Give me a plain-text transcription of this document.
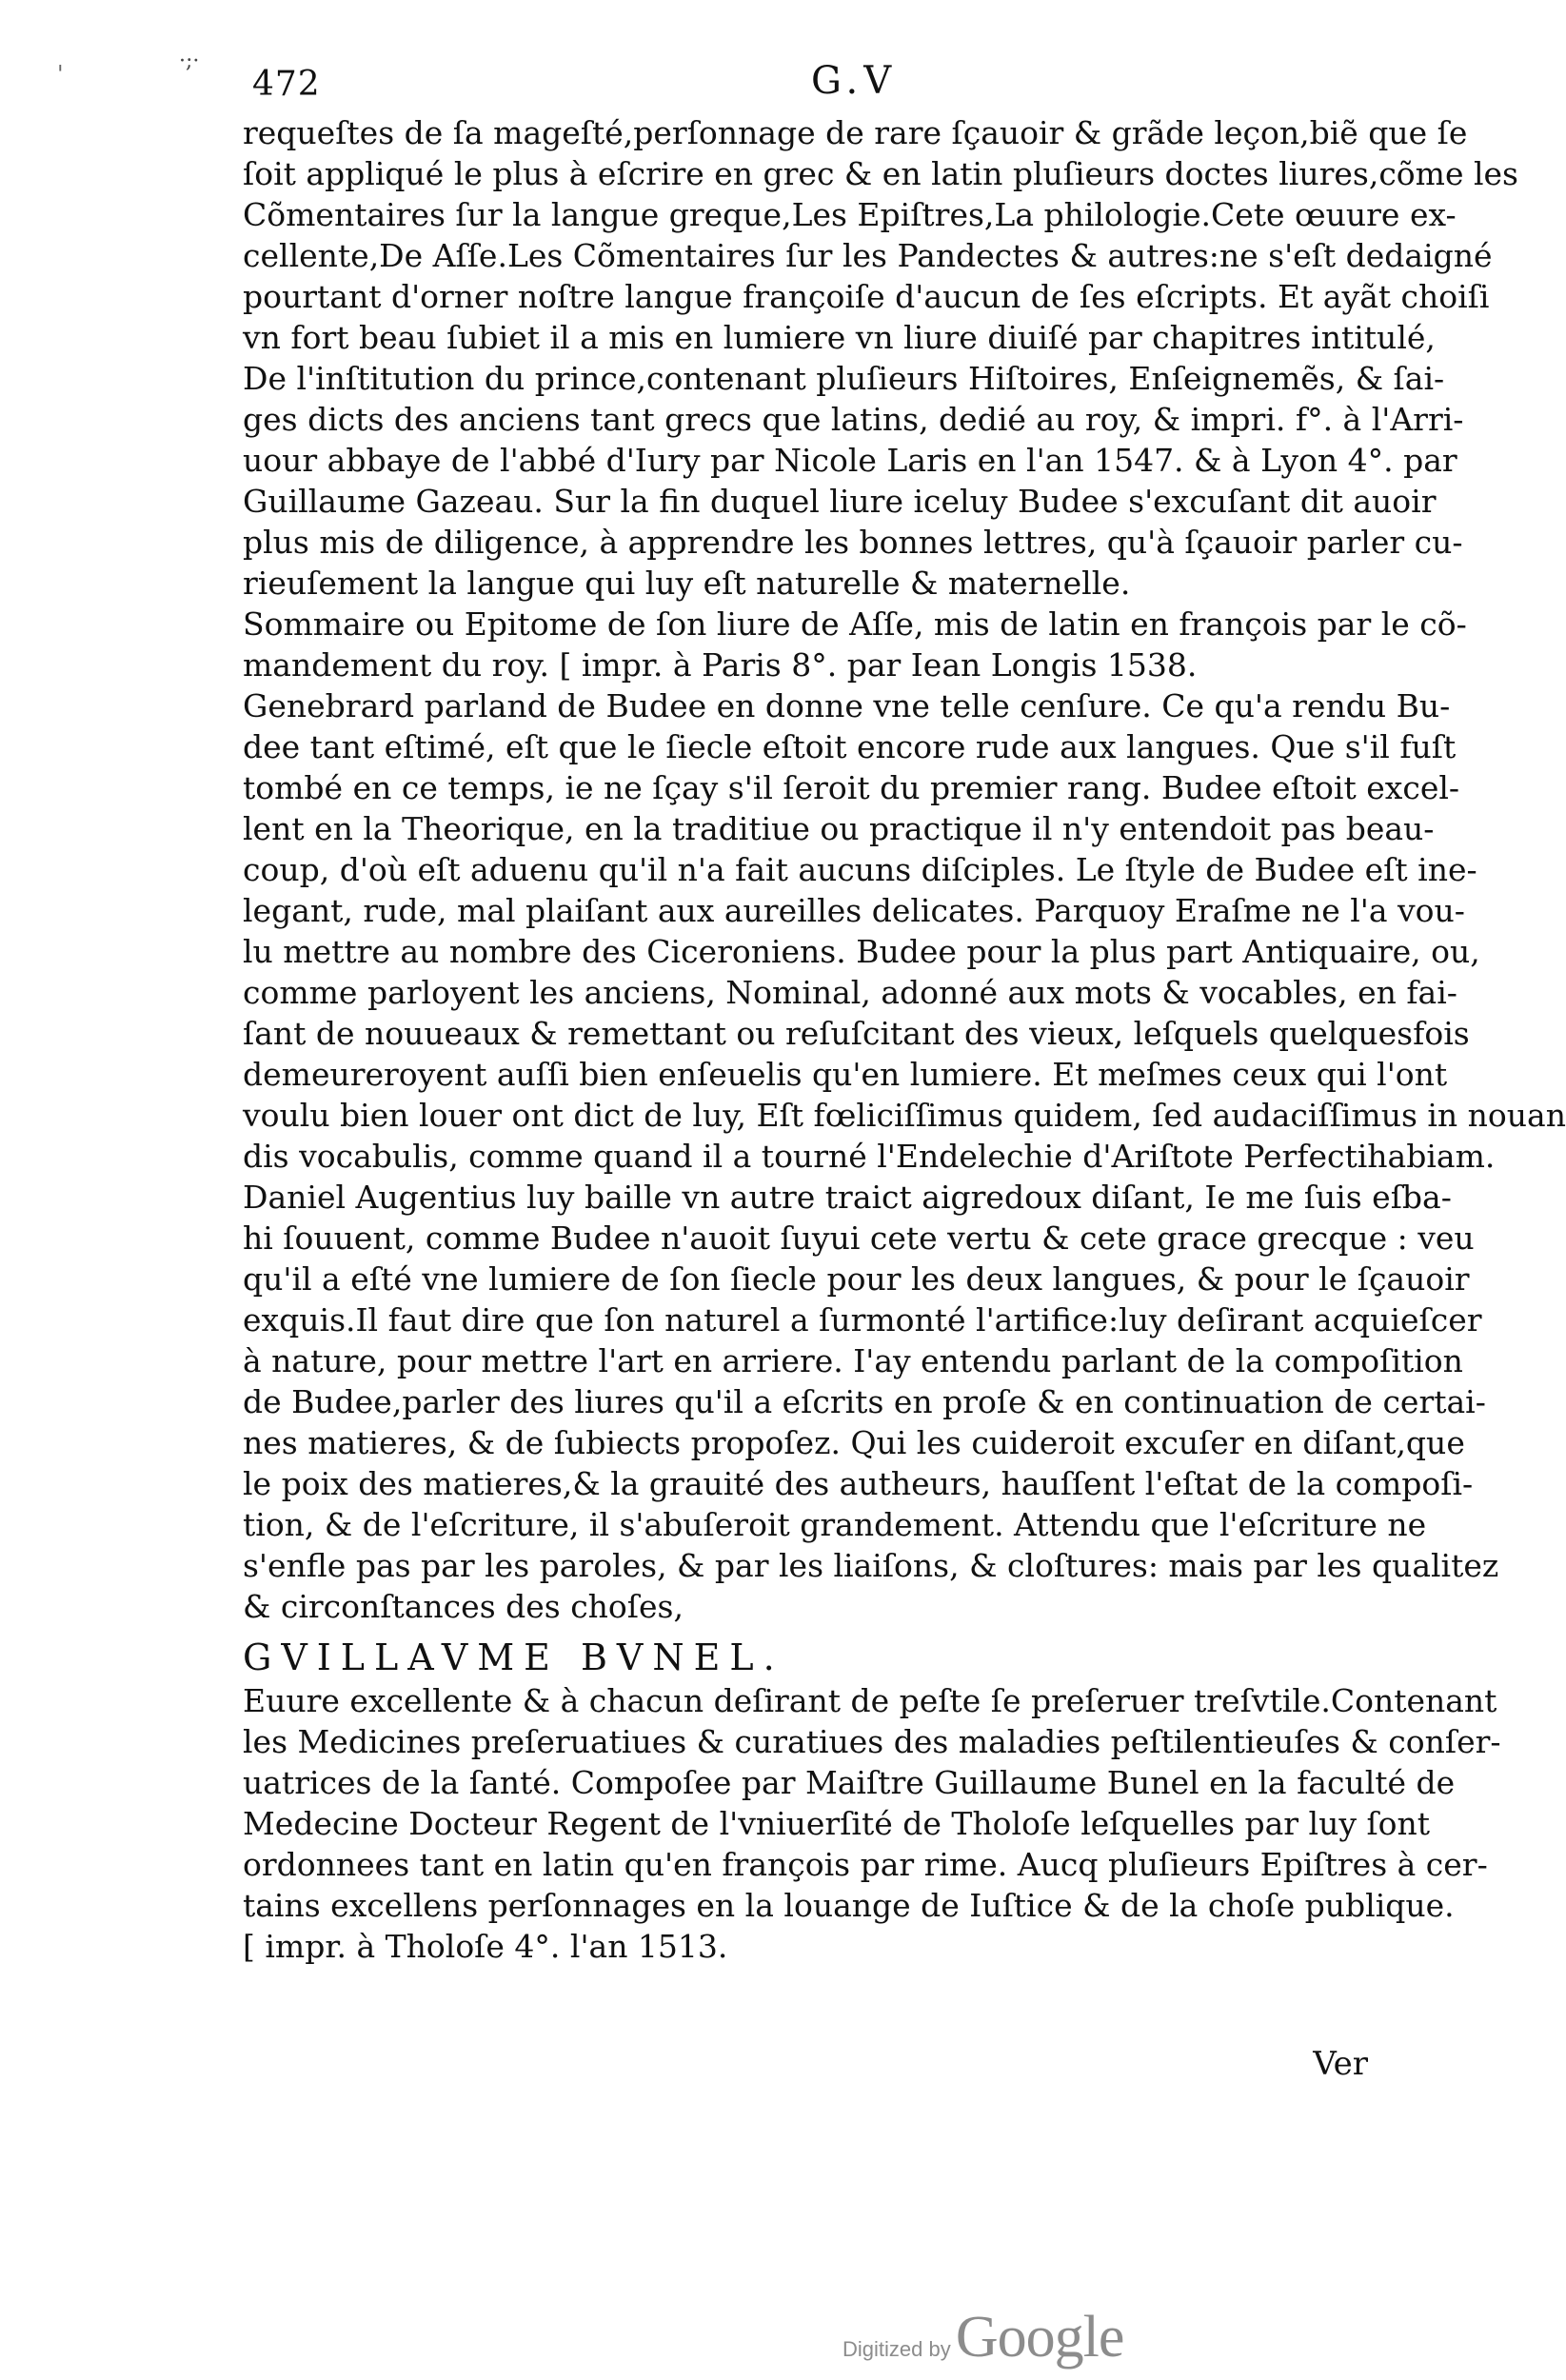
·;·
'	472	G.V
requeſtes de ſa mageſté,perſonnage de rare ſçauoir & grãde leçon,biẽ que ſe
ſoit appliqué le plus à eſcrire en grec & en latin pluſieurs doctes liures,cõme les
Cõmentaires ſur la langue greque,Les Epiſtres,La philologie.Cete œuure ex-
cellente,De Aſſe.Les Cõmentaires ſur les Pandectes & autres:ne s'eſt dedaigné
pourtant d'orner noſtre langue françoiſe d'aucun de ſes eſcripts. Et ayãt choiſi
vn fort beau ſubiet il a mis en lumiere vn liure diuiſé par chapitres intitulé,
De l'inſtitution du prince,contenant pluſieurs Hiſtoires, Enſeignemẽs, & ſai-
ges dicts des anciens tant grecs que latins, dedié au roy, & impri. f°. à l'Arri-
uour abbaye de l'abbé d'Iury par Nicole Laris en l'an 1547. & à Lyon 4°. par
Guillaume Gazeau. Sur la fin duquel liure iceluy Budee s'excuſant dit auoir
plus mis de diligence, à apprendre les bonnes lettres, qu'à ſçauoir parler cu-
rieuſement la langue qui luy eſt naturelle & maternelle.
Sommaire ou Epitome de ſon liure de Aſſe, mis de latin en françois par le cõ-
mandement du roy. [ impr. à Paris 8°. par Iean Longis 1538.
Genebrard parland de Budee en donne vne telle cenſure. Ce qu'a rendu Bu-
dee tant eſtimé, eſt que le ſiecle eſtoit encore rude aux langues. Que s'il fuſt
tombé en ce temps, ie ne ſçay s'il ſeroit du premier rang. Budee eſtoit excel-
lent en la Theorique, en la traditiue ou practique il n'y entendoit pas beau-
coup, d'où eſt aduenu qu'il n'a fait aucuns diſciples. Le ſtyle de Budee eſt ine-
legant, rude, mal plaiſant aux aureilles delicates. Parquoy Eraſme ne l'a vou-
lu mettre au nombre des Ciceroniens. Budee pour la plus part Antiquaire, ou,
comme parloyent les anciens, Nominal, adonné aux mots & vocables, en fai-
ſant de nouueaux & remettant ou reſuſcitant des vieux, leſquels quelquesfois
demeureroyent auſſi bien enſeuelis qu'en lumiere. Et meſmes ceux qui l'ont
voulu bien louer ont dict de luy, Eſt fœliciſſimus quidem, ſed audaciſſimus in nouan
dis vocabulis, comme quand il a tourné l'Endelechie d'Ariſtote Perfectihabiam.
Daniel Augentius luy baille vn autre traict aigredoux diſant, Ie me ſuis eſba-
hi ſouuent, comme Budee n'auoit ſuyui cete vertu & cete grace grecque : veu
qu'il a eſté vne lumiere de ſon ſiecle pour les deux langues, & pour le ſçauoir
exquis.Il faut dire que ſon naturel a ſurmonté l'artifice:luy deſirant acquieſcer
à nature, pour mettre l'art en arriere. I'ay entendu parlant de la compoſition
de Budee,parler des liures qu'il a eſcrits en proſe & en continuation de certai-
nes matieres, & de ſubiects propoſez. Qui les cuideroit excuſer en diſant,que
le poix des matieres,& la grauité des autheurs, hauſſent l'eſtat de la compoſi-
tion, & de l'eſcriture, il s'abuſeroit grandement. Attendu que l'eſcriture ne
s'enfle pas par les paroles, & par les liaiſons, & cloſtures: mais par les qualitez
& circonſtances des choſes,
GVILLAVME BVNEL.
Euure excellente & à chacun deſirant de peſte ſe preſeruer treſvtile.Contenant
les Medicines preſeruatiues & curatiues des maladies peſtilentieuſes & conſer-
uatrices de la ſanté. Compoſee par Maiſtre Guillaume Bunel en la faculté de
Medecine Docteur Regent de l'vniuerſité de Tholoſe leſquelles par luy ſont
ordonnees tant en latin qu'en françois par rime. Aucq pluſieurs Epiſtres à cer-
tains excellens perſonnages en la louange de Iuſtice & de la choſe publique.
[ impr. à Tholoſe 4°. l'an 1513.
Ver
Digitized by Google
